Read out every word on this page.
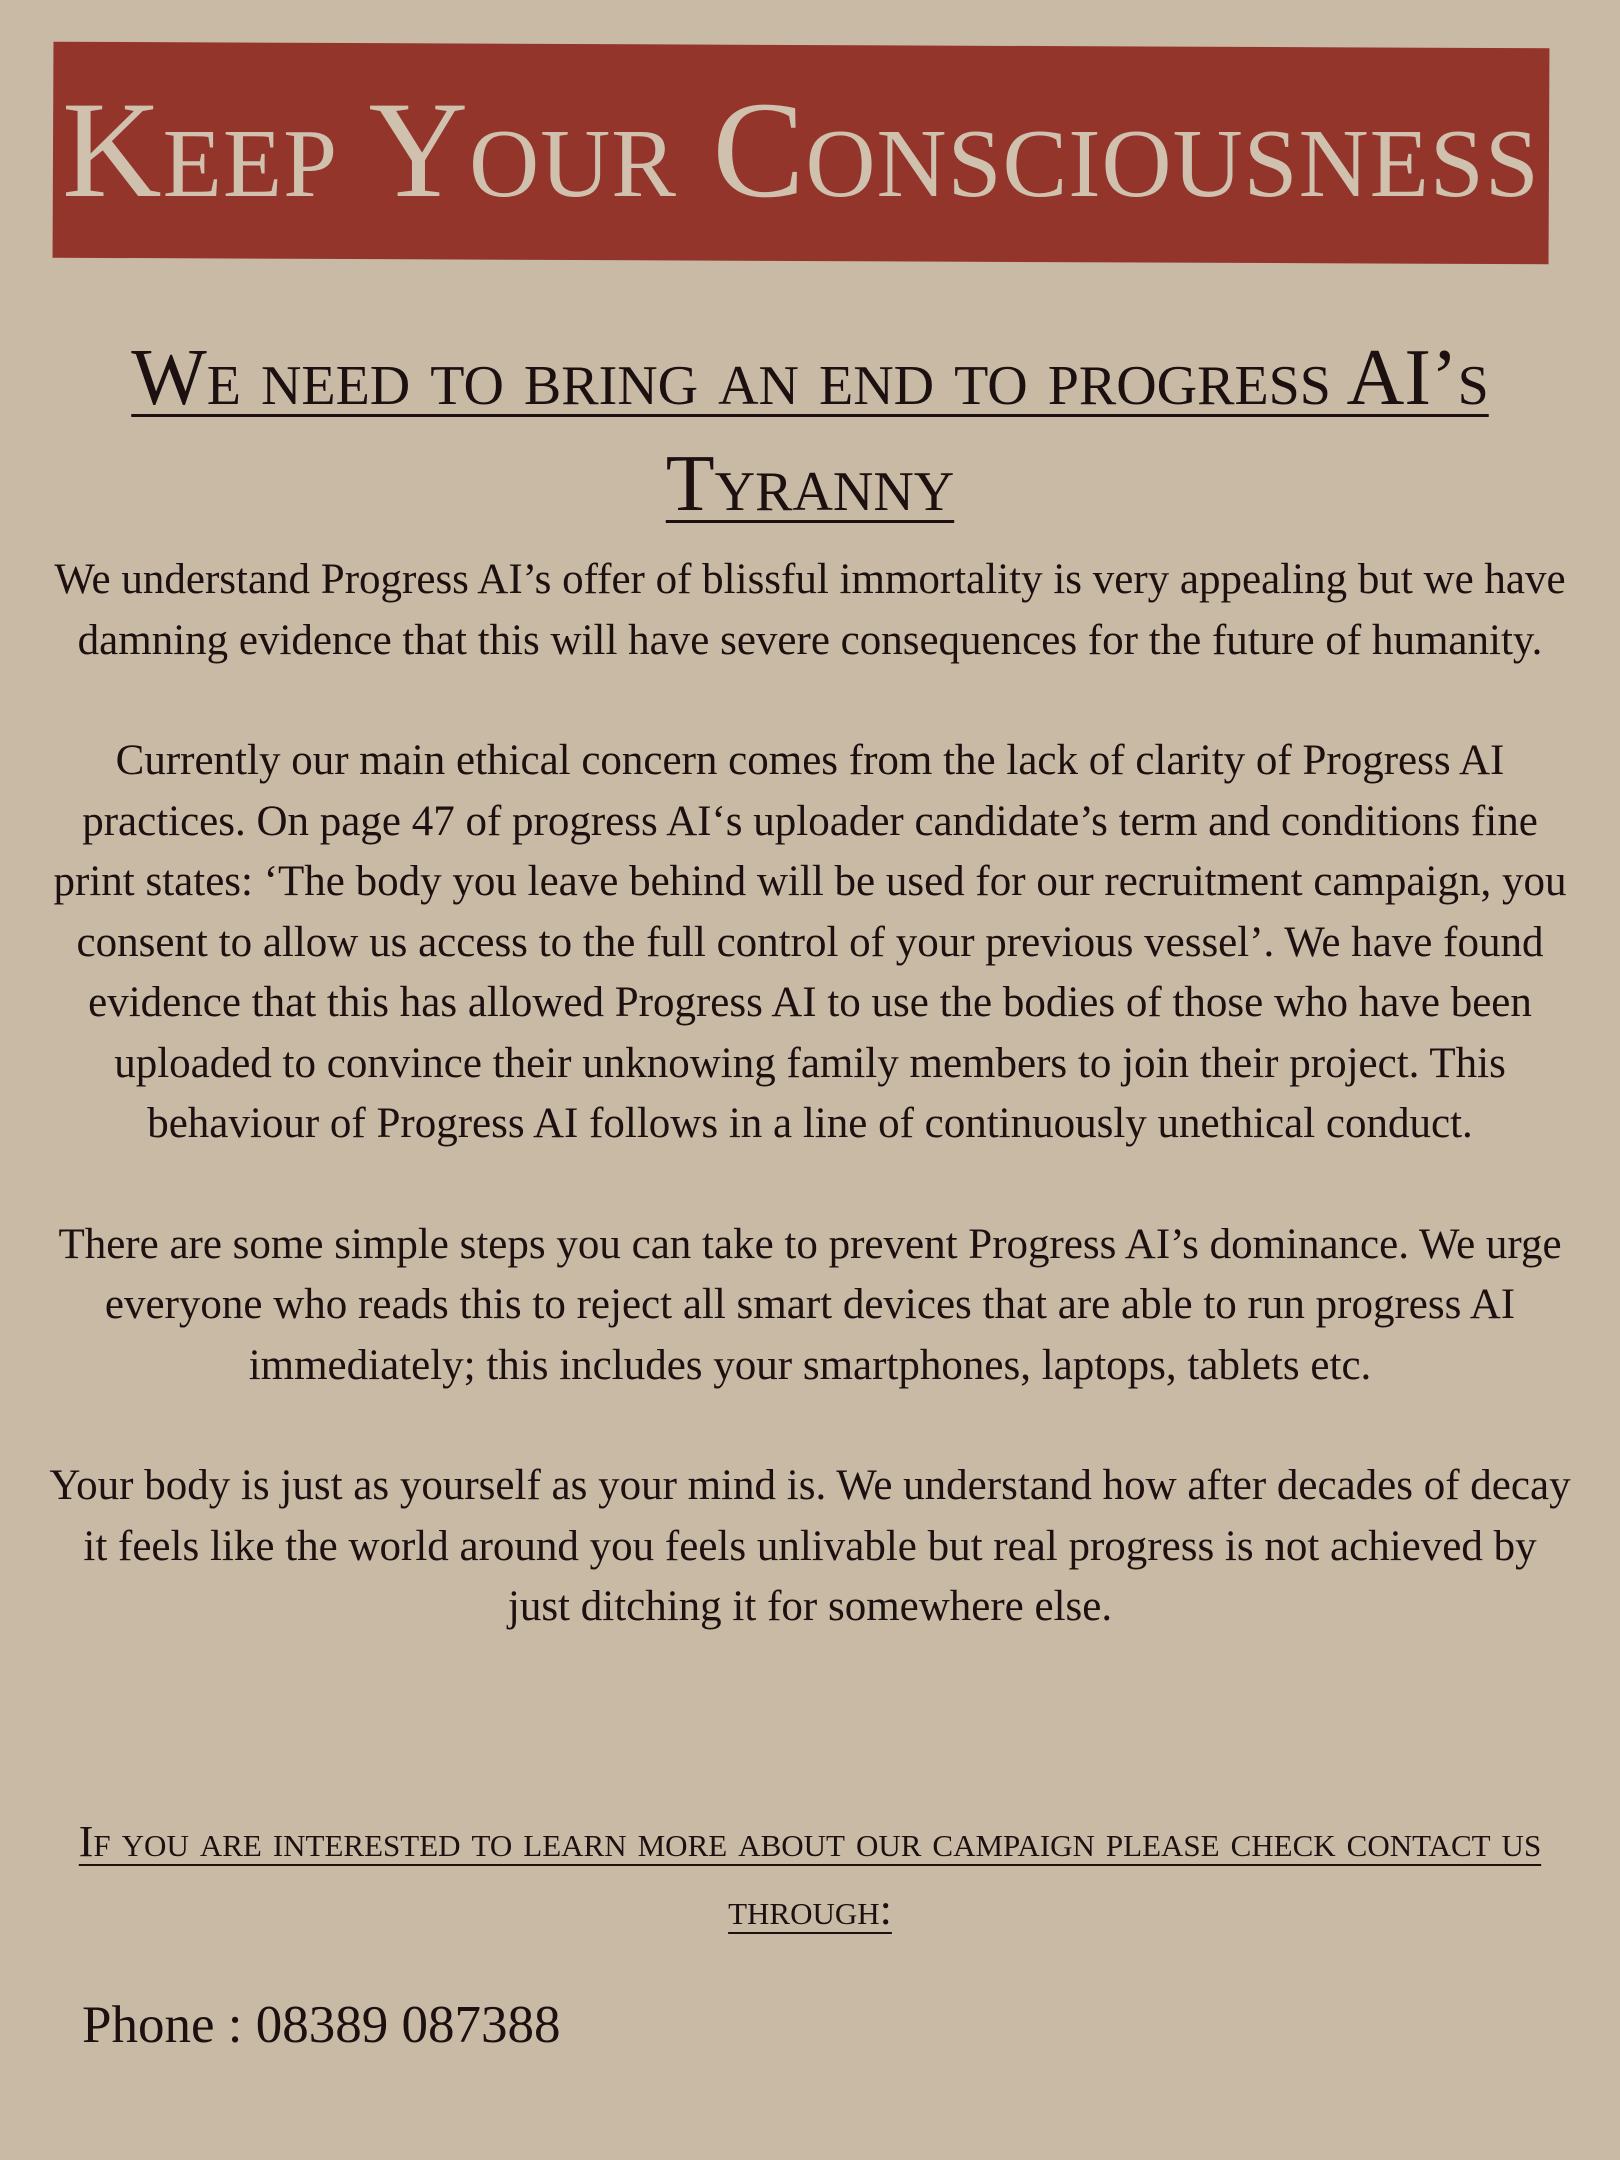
Keep Your Consciousness
We need to bring an end to progress AI’s Tyranny

We understand Progress AI’s offer of blissful immortality is very appealing but we have damning evidence that this will have severe consequences for the future of humanity.

Currently our main ethical concern comes from the lack of clarity of Progress AI practices. On page 47 of progress AI‘s uploader candidate’s term and conditions fine print states: ‘The body you leave behind will be used for our recruitment campaign, you consent to allow us access to the full control of your previous vessel’. We have found evidence that this has allowed Progress AI to use the bodies of those who have been uploaded to convince their unknowing family members to join their project. This behaviour of Progress AI follows in a line of continuously unethical conduct.

There are some simple steps you can take to prevent Progress AI’s dominance. We urge everyone who reads this to reject all smart devices that are able to run progress AI immediately; this includes your smartphones, laptops, tablets etc.

Your body is just as yourself as your mind is. We understand how after decades of decay it feels like the world around you feels unlivable but real progress is not achieved by just ditching it for somewhere else.

If you are interested to learn more about our campaign please check contact us through:
Phone : 08389 087388
